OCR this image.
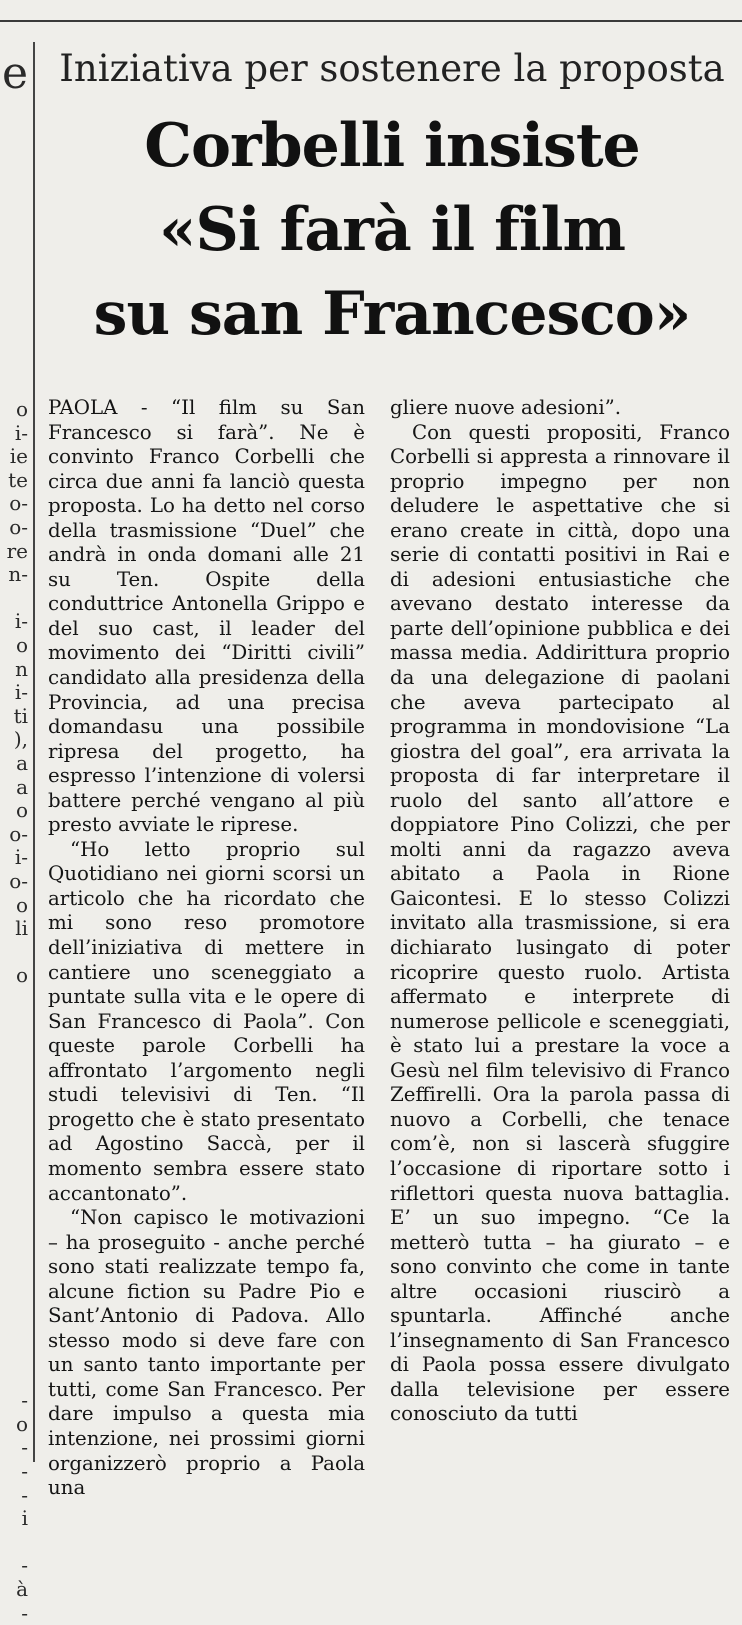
e
o
i-
ie
te
o-
o-
re
n-
i-
o
n
i-
ti
),
a
a
o
o-
i-
o-
o
li
o
-
o
-
-
-
i
-
à
-
Iniziativa per sostenere la proposta
Corbelli insiste
«Si farà il film
su san Francesco»

PAOLA - “Il film su San Francesco si farà”. Ne è convinto Franco Corbelli che circa due anni fa lanciò questa proposta. Lo ha detto nel corso della trasmissione “Duel” che andrà in onda domani alle 21 su Ten. Ospite della conduttrice Antonella Grippo e del suo cast, il leader del movimento dei “Diritti civili” candidato alla presidenza della Provincia, ad una precisa domandasu una possibile ripresa del progetto, ha espresso l’intenzione di volersi battere perché vengano al più presto avviate le riprese.

“Ho letto proprio sul Quotidiano nei giorni scorsi un articolo che ha ricordato che mi sono reso promotore dell’iniziativa di mettere in cantiere uno sceneggiato a puntate sulla vita e le opere di San Francesco di Paola”. Con queste parole Corbelli ha affrontato l’argomento negli studi televisivi di Ten. “Il progetto che è stato presentato ad Agostino Saccà, per il momento sembra essere stato accantonato”.

“Non capisco le motivazioni – ha proseguito - anche perché sono stati realizzate tempo fa, alcune fiction su Padre Pio e Sant’Antonio di Padova. Allo stesso modo si deve fare con un santo tanto importante per tutti, come San Francesco. Per dare impulso a questa mia intenzione, nei prossimi giorni organizzerò proprio a Paola una

gliere nuove adesioni”.

Con questi propositi, Franco Corbelli si appresta a rinnovare il proprio impegno per non deludere le aspettative che si erano create in città, dopo una serie di contatti positivi in Rai e di adesioni entusiastiche che avevano destato interesse da parte dell’opinione pubblica e dei massa media. Addirittura proprio da una delegazione di paolani che aveva partecipato al programma in mondovisione “La giostra del goal”, era arrivata la proposta di far interpretare il ruolo del santo all’attore e doppiatore Pino Colizzi, che per molti anni da ragazzo aveva abitato a Paola in Rione Gaicontesi. E lo stesso Colizzi invitato alla trasmissione, si era dichiarato lusingato di poter ricoprire questo ruolo. Artista affermato e interprete di numerose pellicole e sceneggiati, è stato lui a prestare la voce a Gesù nel film televisivo di Franco Zeffirelli. Ora la parola passa di nuovo a Corbelli, che tenace com’è, non si lascerà sfuggire l’occasione di riportare sotto i riflettori questa nuova battaglia. E’ un suo impegno. “Ce la metterò tutta – ha giurato – e sono convinto che come in tante altre occasioni riuscirò a spuntarla. Affinché anche l’insegnamento di San Francesco di Paola possa essere divulgato dalla televisione per essere conosciuto da tutti
